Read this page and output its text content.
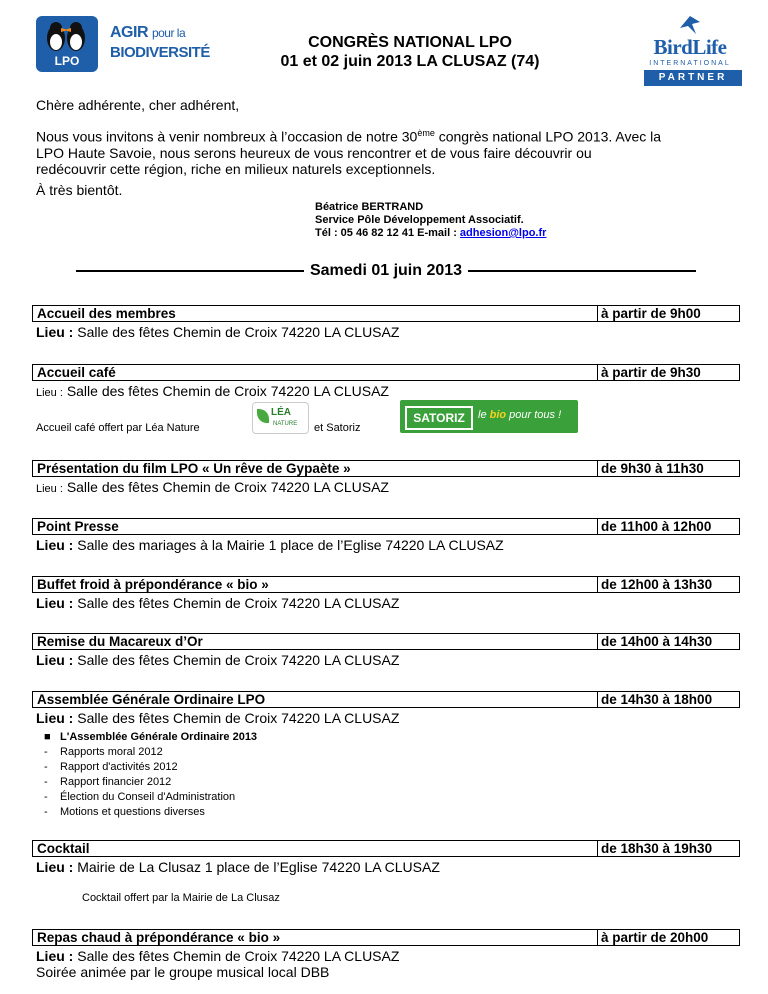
LPO
AGIR pour la
BIODIVERSITÉ
CONGRÈS NATIONAL LPO
01 et 02 juin 2013 LA CLUSAZ (74)
BirdLife
INTERNATIONAL
PARTNER
Chère adhérente, cher adhérent,
Nous vous invitons à venir nombreux à l’occasion de notre 30ème congrès national LPO 2013. Avec la
LPO Haute Savoie, nous serons heureux de vous rencontrer et de vous faire découvrir ou
redécouvrir cette région, riche en milieux naturels exceptionnels.
À très bientôt.
Béatrice BERTRAND
Service Pôle Développement Associatif.
Tél : 05 46 82 12 41 E-mail : adhesion@lpo.fr
Samedi 01 juin 2013
Accueil des membres	à partir de 9h00
Lieu : Salle des fêtes Chemin de Croix 74220 LA CLUSAZ
Accueil café	à partir de 9h30
Lieu : Salle des fêtes Chemin de Croix 74220 LA CLUSAZ
Accueil café offert par Léa Nature
LÉA
NATURE et Satoriz
SATORIZ	le bio pour tous !
Présentation du film LPO « Un rêve de Gypaète »	de 9h30 à 11h30
Lieu : Salle des fêtes Chemin de Croix 74220 LA CLUSAZ
Point Presse	de 11h00 à 12h00
Lieu : Salle des mariages à la Mairie 1 place de l’Eglise 74220 LA CLUSAZ
Buffet froid à prépondérance « bio »	de 12h00 à 13h30
Lieu : Salle des fêtes Chemin de Croix 74220 LA CLUSAZ
Remise du Macareux d’Or	de 14h00 à 14h30
Lieu : Salle des fêtes Chemin de Croix 74220 LA CLUSAZ
Assemblée Générale Ordinaire LPO	de 14h30 à 18h00
Lieu : Salle des fêtes Chemin de Croix 74220 LA CLUSAZ
■ L'Assemblée Générale Ordinaire 2013
-	Rapports moral 2012
-	Rapport d'activités 2012
-	Rapport financier 2012
-	Élection du Conseil d'Administration
-	Motions et questions diverses
Cocktail	de 18h30 à 19h30
Lieu : Mairie de La Clusaz 1 place de l’Eglise 74220 LA CLUSAZ
Cocktail offert par la Mairie de La Clusaz
Repas chaud à prépondérance « bio »	à partir de 20h00
Lieu : Salle des fêtes Chemin de Croix 74220 LA CLUSAZ
Soirée animée par le groupe musical local DBB
